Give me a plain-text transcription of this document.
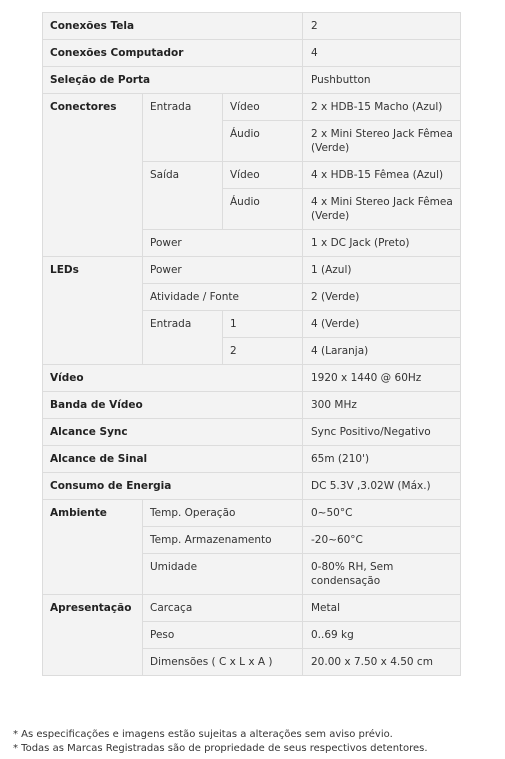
Conexões Tela			2
Conexões Computador			4
Seleção de Porta			Pushbutton
Conectores	Entrada	Vídeo	2 x HDB-15 Macho (Azul)
		Áudio	2 x Mini Stereo Jack Fêmea (Verde)
	Saída	Vídeo	4 x HDB-15 Fêmea (Azul)
		Áudio	4 x Mini Stereo Jack Fêmea (Verde)
	Power		1 x DC Jack (Preto)
LEDs	Power		1 (Azul)
	Atividade / Fonte		2 (Verde)
	Entrada	1	4 (Verde)
		2	4 (Laranja)
Vídeo			1920 x 1440 @ 60Hz
Banda de Vídeo			300 MHz
Alcance Sync			Sync Positivo/Negativo
Alcance de Sinal			65m (210')
Consumo de Energia			DC 5.3V ,3.02W (Máx.)
Ambiente	Temp. Operação		0~50°C
	Temp. Armazenamento		-20~60°C
	Umidade		0-80% RH, Sem condensação
Apresentação	Carcaça		Metal
	Peso		0..69 kg
	Dimensões ( C x L x A )		20.00 x 7.50 x 4.50 cm
* As especificações e imagens estão sujeitas a alterações sem aviso prévio.
* Todas as Marcas Registradas são de propriedade de seus respectivos detentores.
